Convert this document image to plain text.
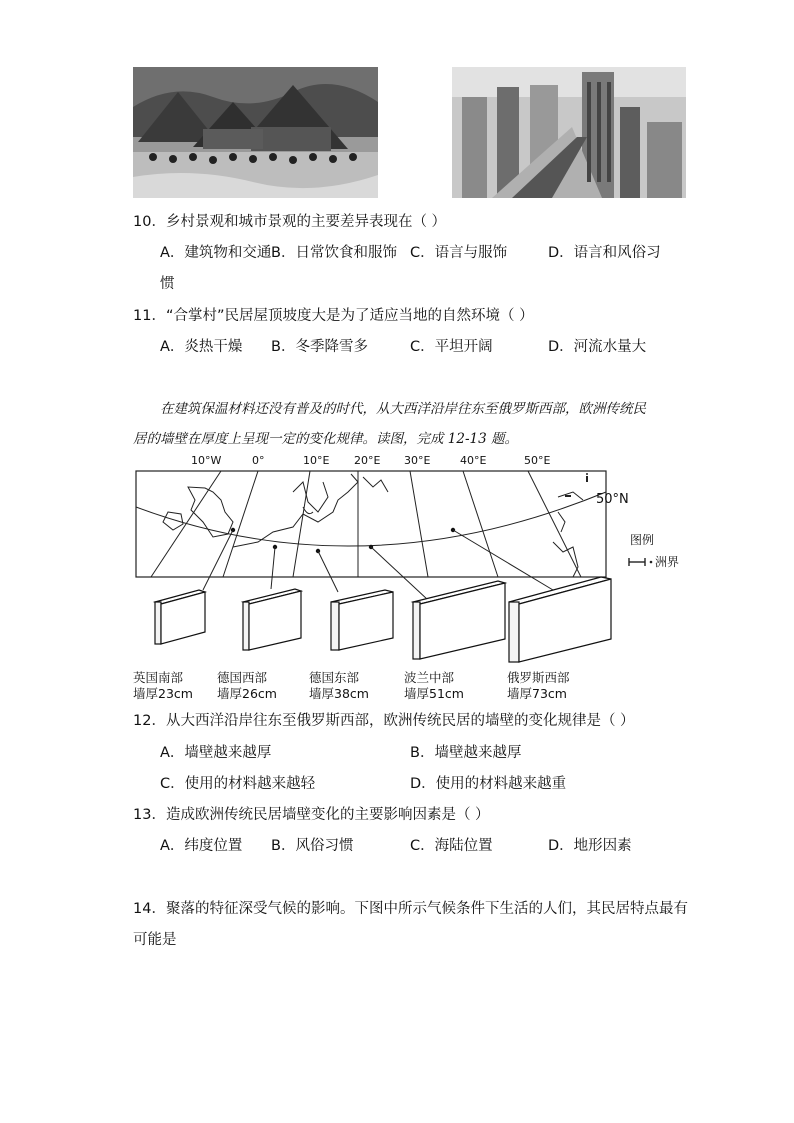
10．乡村景观和城市景观的主要差异表现在（ ）
A．建筑物和交通 B．日常饮食和服饰 C．语言与服饰	D．语言和风俗习
惯
11．“合掌村”民居屋顶坡度大是为了适应当地的自然环境（ ）
A．炎热干燥 B．冬季降雪多	C．平坦开阔	D．河流水量大
在建筑保温材料还没有普及的时代，从大西洋沿岸往东至俄罗斯西部，欧洲传统民
居的墙壁在厚度上呈现一定的变化规律。读图，完成 12-13 题。
10°W	0°	10°E 20°E 30°E	40°E	50°E
50°N
图例
洲界
英国南部
墙厚23cm
德国西部
墙厚26cm
德国东部
墙厚38cm
波兰中部
墙厚51cm
俄罗斯西部
墙厚73cm
12．从大西洋沿岸往东至俄罗斯西部，欧洲传统民居的墙壁的变化规律是（ ）
A．墙壁越来越厚	B．墙壁越来越厚
C．使用的材料越来越轻	D．使用的材料越来越重
13．造成欧洲传统民居墙壁变化的主要影响因素是（ ）
A．纬度位置 B．风俗习惯	C．海陆位置	D．地形因素
14．聚落的特征深受气候的影响。下图中所示气候条件下生活的人们，其民居特点最有
可能是
